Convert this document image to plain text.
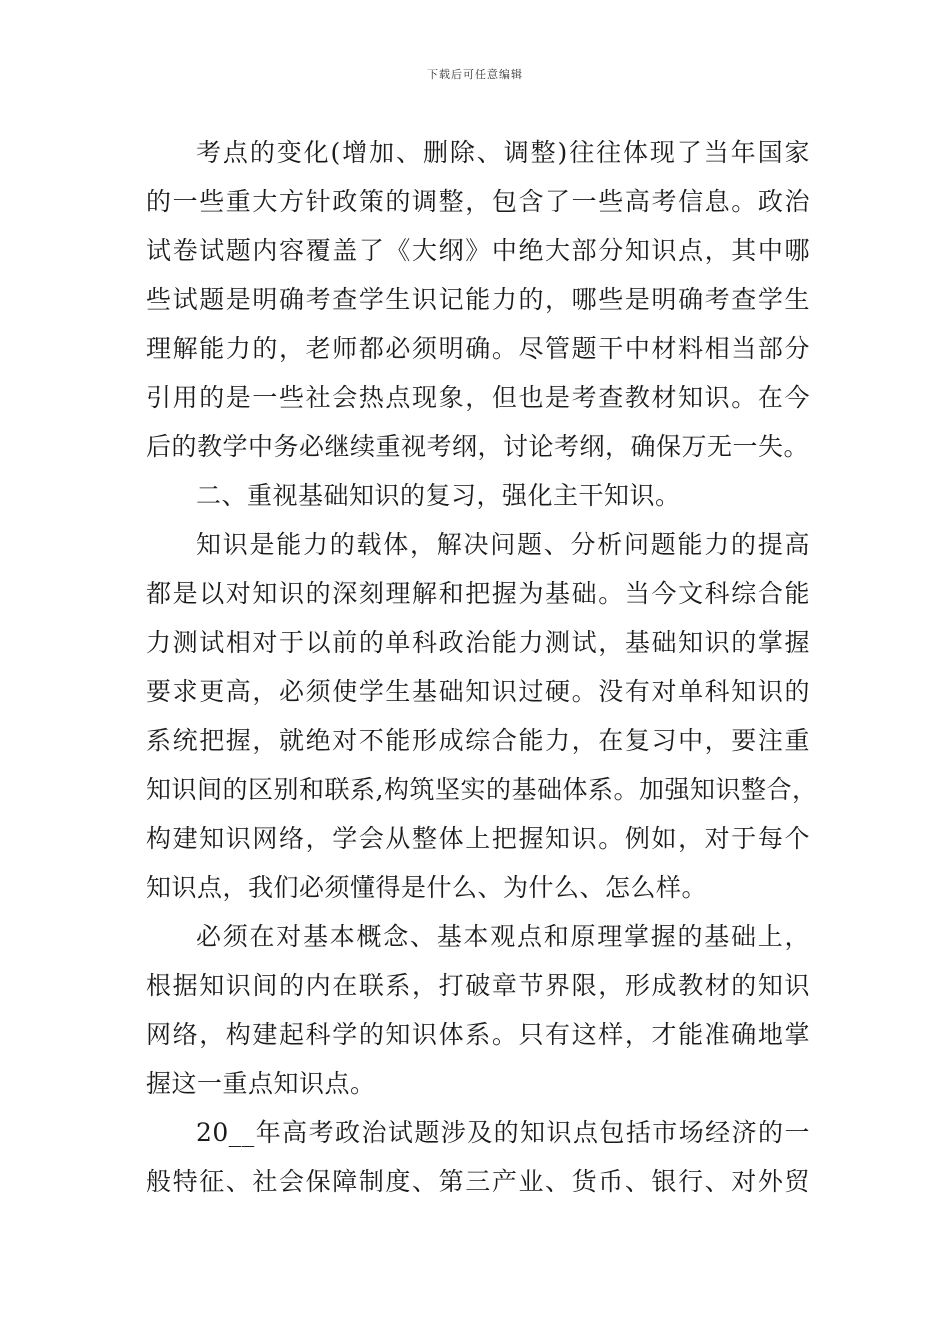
下载后可任意编辑
考点的变化(增加、删除、调整)往往体现了当年国家
的一些重大方针政策的调整，包含了一些高考信息。政治
试卷试题内容覆盖了《大纲》中绝大部分知识点，其中哪
些试题是明确考查学生识记能力的，哪些是明确考查学生
理解能力的，老师都必须明确。尽管题干中材料相当部分
引用的是一些社会热点现象，但也是考查教材知识。在今
后的教学中务必继续重视考纲，讨论考纲，确保万无一失。
二、重视基础知识的复习，强化主干知识。
知识是能力的载体，解决问题、分析问题能力的提高
都是以对知识的深刻理解和把握为基础。当今文科综合能
力测试相对于以前的单科政治能力测试，基础知识的掌握
要求更高，必须使学生基础知识过硬。没有对单科知识的
系统把握，就绝对不能形成综合能力，在复习中，要注重
知识间的区别和联系,构筑坚实的基础体系。加强知识整合，
构建知识网络，学会从整体上把握知识。例如，对于每个
知识点，我们必须懂得是什么、为什么、怎么样。
必须在对基本概念、基本观点和原理掌握的基础上，
根据知识间的内在联系，打破章节界限，形成教材的知识
网络，构建起科学的知识体系。只有这样，才能准确地掌
握这一重点知识点。
20__年高考政治试题涉及的知识点包括市场经济的一
般特征、社会保障制度、第三产业、货币、银行、对外贸
